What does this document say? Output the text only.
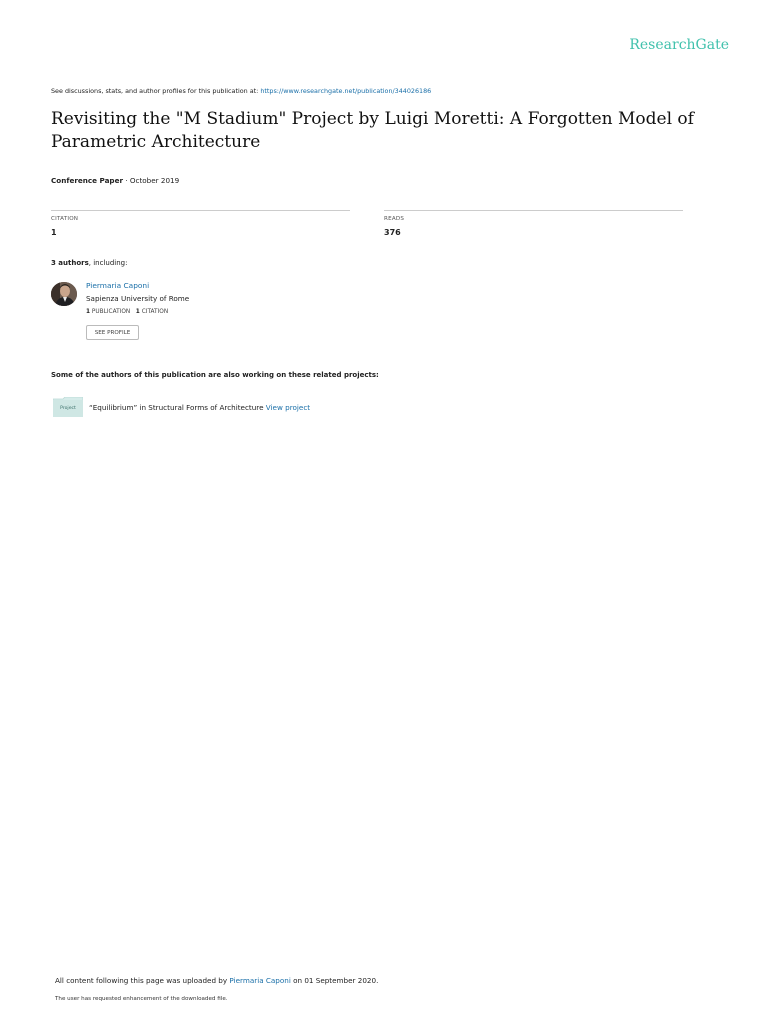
ResearchGate
See discussions, stats, and author profiles for this publication at: https://www.researchgate.net/publication/344026186
Revisiting the "M Stadium" Project by Luigi Moretti: A Forgotten Model of Parametric Architecture
Conference Paper · October 2019
CITATION
1
READS
376
3 authors, including:
Piermaria Caponi
Sapienza University of Rome
1 PUBLICATION 1 CITATION
SEE PROFILE
Some of the authors of this publication are also working on these related projects:
Project	“Equilibrium” in Structural Forms of Architecture View project
All content following this page was uploaded by Piermaria Caponi on 01 September 2020.
The user has requested enhancement of the downloaded file.
